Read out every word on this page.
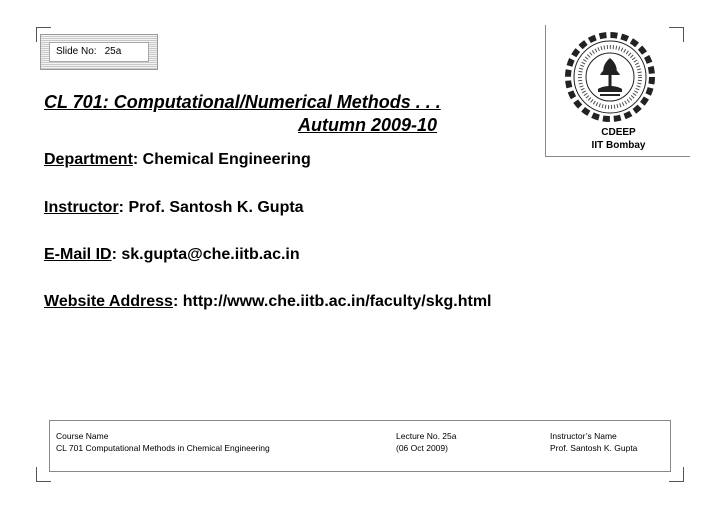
Slide No: 25a
CDEEP
IIT Bombay
CL 701: Computational/Numerical Methods . . .
Autumn 2009-10
Department: Chemical Engineering
Instructor: Prof. Santosh K. Gupta
E-Mail ID: sk.gupta@che.iitb.ac.in
Website Address: http://www.che.iitb.ac.in/faculty/skg.html
Course Name
CL 701 Computational Methods in Chemical Engineering
Lecture No. 25a
(06 Oct 2009)
Instructor’s Name
Prof. Santosh K. Gupta
